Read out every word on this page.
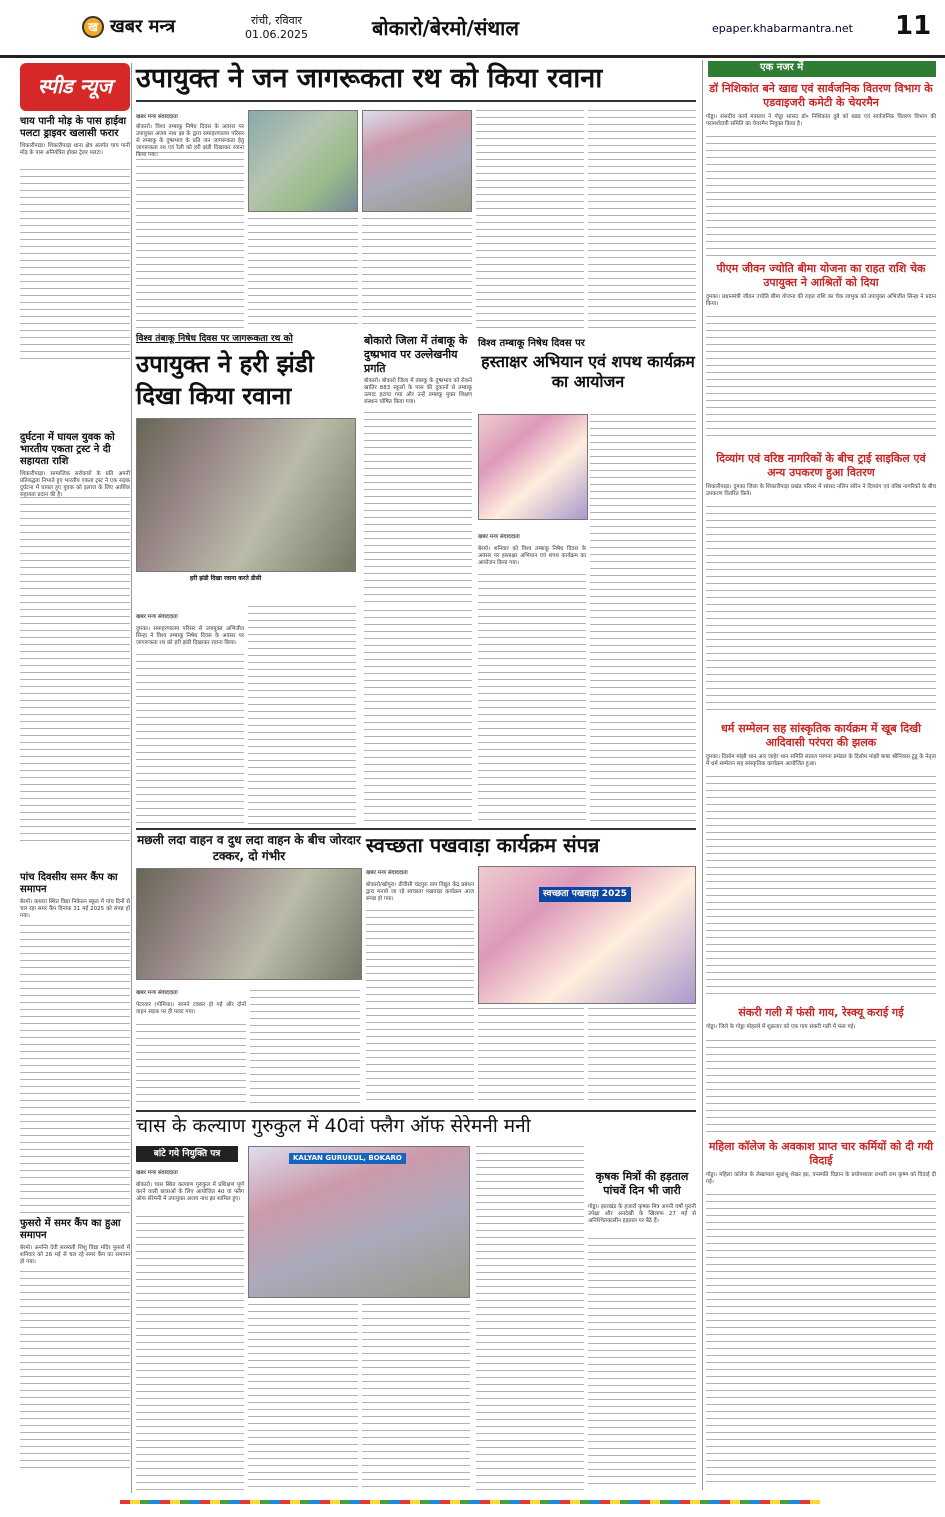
ख खबर मन्त्र	रांची, रविवार
01.06.2025	बोकारो/बेरमो/संथाल	epaper.khabarmantra.net 11
स्पीड न्यूज
चाय पानी मोड़ के पास हाईवा पलटा ड्राइवर खलासी फरार
शिकारीपाड़ा। शिकारीपाड़ा थाना क्षेत्र अंतर्गत चाय पानी मोड़ के पास अनियंत्रित होकर ट्रेलर पलटा।
दुर्घटना में घायल युवक को भारतीय एकता ट्रस्ट ने दी सहायता राशि
शिकारीपाड़ा। सामाजिक सरोकारों के प्रति अपनी प्रतिबद्धता निभाते हुए भारतीय एकता ट्रस्ट ने एक सड़क दुर्घटना में घायल हुए युवक को इलाज के लिए आर्थिक सहायता प्रदान की है।
पांच दिवसीय समर कैंप का समापन
बेरमो। कथारा स्थित विद्या निकेतन स्कूल में पांच दिनों से चल रहा समर कैंप दिनांक 31 मई 2025 को संपन्न हो गया।
फुसरो में समर कैंप का हुआ समापन
बेरमो। अनन्ति देवी सरस्वती शिशु विद्या मंदिर फुसरो में शनिवार को 26 मई से चल रहे समर कैंप का समापन हो गया।
उपायुक्त ने जन जागरूकता रथ को किया रवाना
खबर मन्त्र संवाददाता
बोकारो। विश्व तम्बाकू निषेध दिवस के अवसर पर उपायुक्त अजय नाथ झा के द्वारा समाहरणालय परिसर से तम्बाकू के दुष्प्रभाव के प्रति जन जागरूकता हेतु जागरूकता रथ एवं रैली को हरी झंडी दिखाकर रवाना किया गया।
विश्व तंबाकू निषेध दिवस पर जागरूकता रथ को
उपायुक्त ने हरी झंडी दिखा किया रवाना
हरी झंडी दिखा रवाना करते डीसी
खबर मन्त्र संवाददाता
दुमका। समाहरणालय परिसर से उपायुक्त अभिजीत सिन्हा ने विश्व तम्बाकू निषेध दिवस के अवसर पर जागरूकता रथ को हरी झंडी दिखाकर रवाना किया।
बोकारो जिला में तंबाकू के दुष्प्रभाव पर उल्लेखनीय प्रगति
बोकारो। बोकारो जिला में तंबाकू के दुष्प्रभाव को रोकने खातिर 883 स्कूलों के पास की दुकानों से तम्बाकू उत्पाद हटाया गया और उन्हें तम्बाकू मुक्त शिक्षण संस्थान घोषित किया गया।
विश्व तम्बाकू निषेध दिवस पर
हस्ताक्षर अभियान एवं शपथ कार्यक्रम का आयोजन
खबर मन्त्र संवाददाता
बेरमो। शनिवार को विश्व तम्बाकू निषेध दिवस के अवसर पर हस्ताक्षर अभियान एवं शपथ कार्यक्रम का आयोजन किया गया।
मछली लदा वाहन व दुध लदा वाहन के बीच जोरदार टक्कर, दो गंभीर
खबर मन्त्र संवाददाता
पेटरवार (गोमिया)। सामने टक्कर हो गई और दोनों वाहन सड़क पर ही पलट गया।
स्वच्छता पखवाड़ा कार्यक्रम संपन्न
खबर मन्त्र संवाददाता
बोकारो/खोपुरा। डीवीसी चंद्रपुरा ताप विद्युत केंद्र प्रबंधन द्वारा मनाये जा रहे स्वच्छता पखवाड़ा कार्यक्रम आज संपन्न हो गया।	स्वच्छता पखवाड़ा 2025
चास के कल्याण गुरुकुल में 40वां फ्लैग ऑफ सेरेमनी मनी
बांटे गये नियुक्ति पत्र
खबर मन्त्र संवाददाता
बोकारो। चास स्थित कल्याण गुरुकुल में प्रशिक्षण पूर्ण करने वाली छात्राओं के लिए आयोजित 40 वां फ्लैग ऑफ सेरेमनी में उपायुक्त अजय नाथ झा शामिल हुए।
KALYAN GURUKUL, BOKARO
कृषक मित्रों की हड़ताल पांचवें दिन भी जारी
गोड्डा। झारखंड के हजारों कृषक मित्र अपनी वर्षों पुरानी उपेक्षा और अनदेखी के खिलाफ 27 मई से अनिश्चितकालीन हड़ताल पर बैठे हैं।
एक नजर में
डॉ निशिकांत बने खाद्य एवं सार्वजनिक वितरण विभाग के एडवाइजरी कमेटी के चेयरमैन
गोड्डा। संसदीय कार्य मंत्रालय ने गोड्डा सांसद डॉ० निशिकांत दुबे को खाद्य एवं सार्वजनिक वितरण विभाग की परामर्शदात्री समिति का चेयरमैन नियुक्त किया है।
पीएम जीवन ज्योति बीमा योजना का राहत राशि चेक उपायुक्त ने आश्रितों को दिया
दुमका। प्रधानमंत्री जीवन ज्योति बीमा योजना की राहत राशि का चेक लाभुक को उपायुक्त अभिजीत सिन्हा ने प्रदान किया।
दिव्यांग एवं वरिष्ठ नागरिकों के बीच ट्राई साइकिल एवं अन्य उपकरण हुआ वितरण
शिकारीपाड़ा। दुमका जिला के शिकारीपाड़ा प्रखंड परिसर में सांसद नलिन सोरेन ने दिव्यांग एवं वरिष्ठ नागरिकों के बीच उपकरण वितरित किये।
धर्म सम्मेलन सह सांस्कृतिक कार्यक्रम में खूब दिखी आदिवासी परंपरा की झलक
दुमका। दिसोम मांझी थान आर जाहेर थान समिति संताल परगना प्रमंडल के दिसोम मांझी बाबा श्रीनिवास टुडू के नेतृत्व में धर्म सम्मेलन सह सांस्कृतिक कार्यक्रम आयोजित हुआ।
संकरी गली में फंसी गाय, रेस्क्यू कराई गई
गोड्डा। जिले के गोड्डा मोहल्ले में शुक्रवार को एक गाय संकरी गली में फंस गई।
महिला कॉलेज के अवकाश प्राप्त चार कर्मियों को दी गयी विदाई
गोड्डा। महिला कॉलेज के लेखापाल सुधांशु शेखर झा, वनस्पति विज्ञान के प्रयोगशाला प्रभारी राम कृष्ण को विदाई दी गई।
